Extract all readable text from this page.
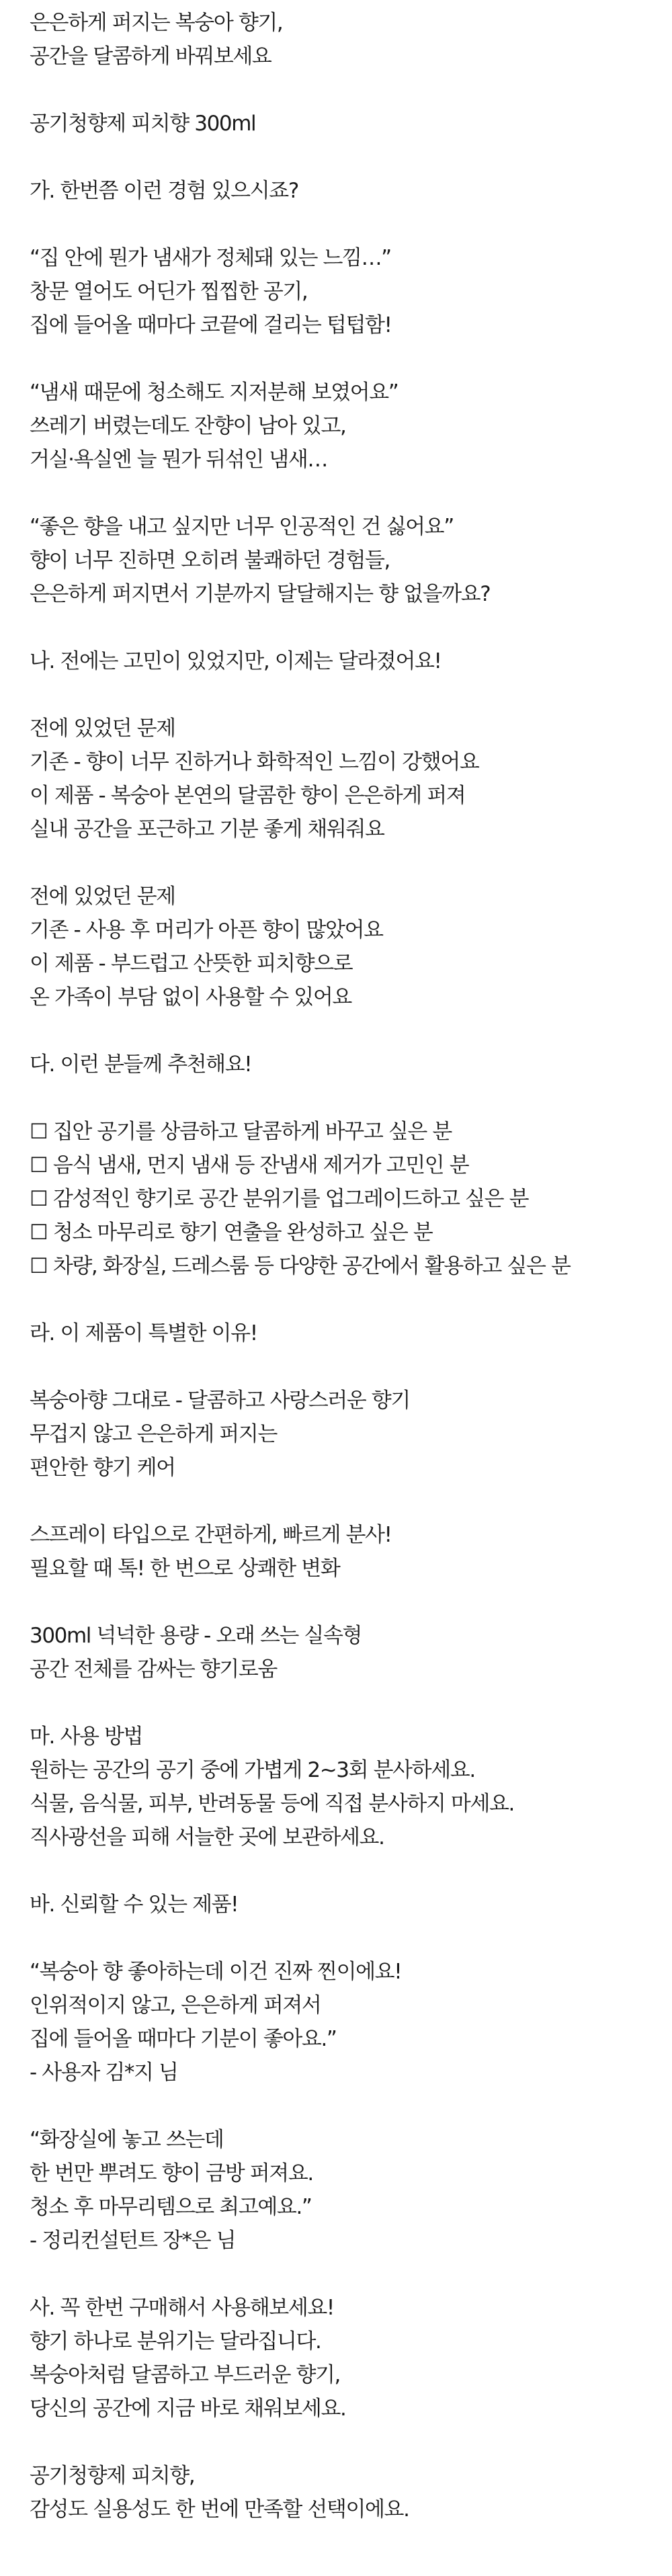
은은하게 퍼지는 복숭아 향기,

공간을 달콤하게 바꿔보세요

공기청향제 피치향 300ml

가. 한번쯤 이런 경험 있으시죠?

“집 안에 뭔가 냄새가 정체돼 있는 느낌…”

창문 열어도 어딘가 찝찝한 공기,

집에 들어올 때마다 코끝에 걸리는 텁텁함!

“냄새 때문에 청소해도 지저분해 보였어요”

쓰레기 버렸는데도 잔향이 남아 있고,

거실·욕실엔 늘 뭔가 뒤섞인 냄새…

“좋은 향을 내고 싶지만 너무 인공적인 건 싫어요”

향이 너무 진하면 오히려 불쾌하던 경험들,

은은하게 퍼지면서 기분까지 달달해지는 향 없을까요?

나. 전에는 고민이 있었지만, 이제는 달라졌어요!

전에 있었던 문제

기존 - 향이 너무 진하거나 화학적인 느낌이 강했어요

이 제품 - 복숭아 본연의 달콤한 향이 은은하게 퍼져

실내 공간을 포근하고 기분 좋게 채워줘요

전에 있었던 문제

기존 - 사용 후 머리가 아픈 향이 많았어요

이 제품 - 부드럽고 산뜻한 피치향으로

온 가족이 부담 없이 사용할 수 있어요

다. 이런 분들께 추천해요!

☐ 집안 공기를 상큼하고 달콤하게 바꾸고 싶은 분

☐ 음식 냄새, 먼지 냄새 등 잔냄새 제거가 고민인 분

☐ 감성적인 향기로 공간 분위기를 업그레이드하고 싶은 분

☐ 청소 마무리로 향기 연출을 완성하고 싶은 분

☐ 차량, 화장실, 드레스룸 등 다양한 공간에서 활용하고 싶은 분

라. 이 제품이 특별한 이유!

복숭아향 그대로 - 달콤하고 사랑스러운 향기

무겁지 않고 은은하게 퍼지는

편안한 향기 케어

스프레이 타입으로 간편하게, 빠르게 분사!

필요할 때 톡! 한 번으로 상쾌한 변화

300ml 넉넉한 용량 - 오래 쓰는 실속형

공간 전체를 감싸는 향기로움

마. 사용 방법

원하는 공간의 공기 중에 가볍게 2~3회 분사하세요.

식물, 음식물, 피부, 반려동물 등에 직접 분사하지 마세요.

직사광선을 피해 서늘한 곳에 보관하세요.

바. 신뢰할 수 있는 제품!

“복숭아 향 좋아하는데 이건 진짜 찐이에요!

인위적이지 않고, 은은하게 퍼져서

집에 들어올 때마다 기분이 좋아요.”

- 사용자 김*지 님

“화장실에 놓고 쓰는데

한 번만 뿌려도 향이 금방 퍼져요.

청소 후 마무리템으로 최고예요.”

- 정리컨설턴트 장*은 님

사. 꼭 한번 구매해서 사용해보세요!

향기 하나로 분위기는 달라집니다.

복숭아처럼 달콤하고 부드러운 향기,

당신의 공간에 지금 바로 채워보세요.

공기청향제 피치향,

감성도 실용성도 한 번에 만족할 선택이에요.
